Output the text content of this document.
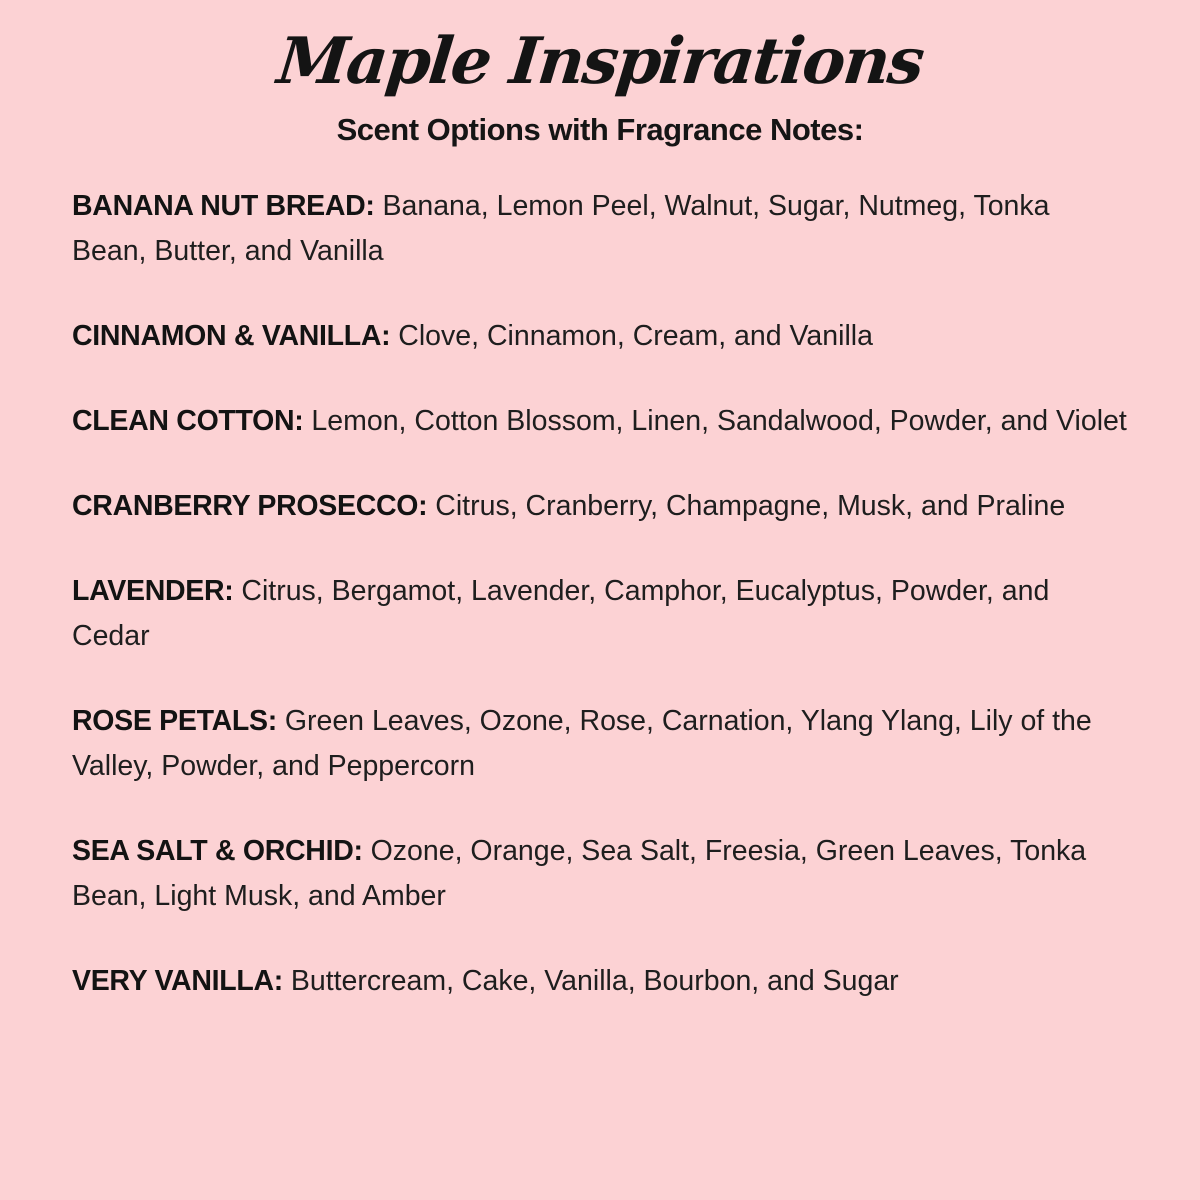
Maple Inspirations
Scent Options with Fragrance Notes:

BANANA NUT BREAD: Banana, Lemon Peel, Walnut, Sugar, Nutmeg, Tonka Bean, Butter, and Vanilla

CINNAMON & VANILLA: Clove, Cinnamon, Cream, and Vanilla

CLEAN COTTON: Lemon, Cotton Blossom, Linen, Sandalwood, Powder, and Violet

CRANBERRY PROSECCO: Citrus, Cranberry, Champagne, Musk, and Praline

LAVENDER: Citrus, Bergamot, Lavender, Camphor, Eucalyptus, Powder, and Cedar

ROSE PETALS: Green Leaves, Ozone, Rose, Carnation, Ylang Ylang, Lily of the Valley, Powder, and Peppercorn

SEA SALT & ORCHID: Ozone, Orange, Sea Salt, Freesia, Green Leaves, Tonka Bean, Light Musk, and Amber

VERY VANILLA: Buttercream, Cake, Vanilla, Bourbon, and Sugar
